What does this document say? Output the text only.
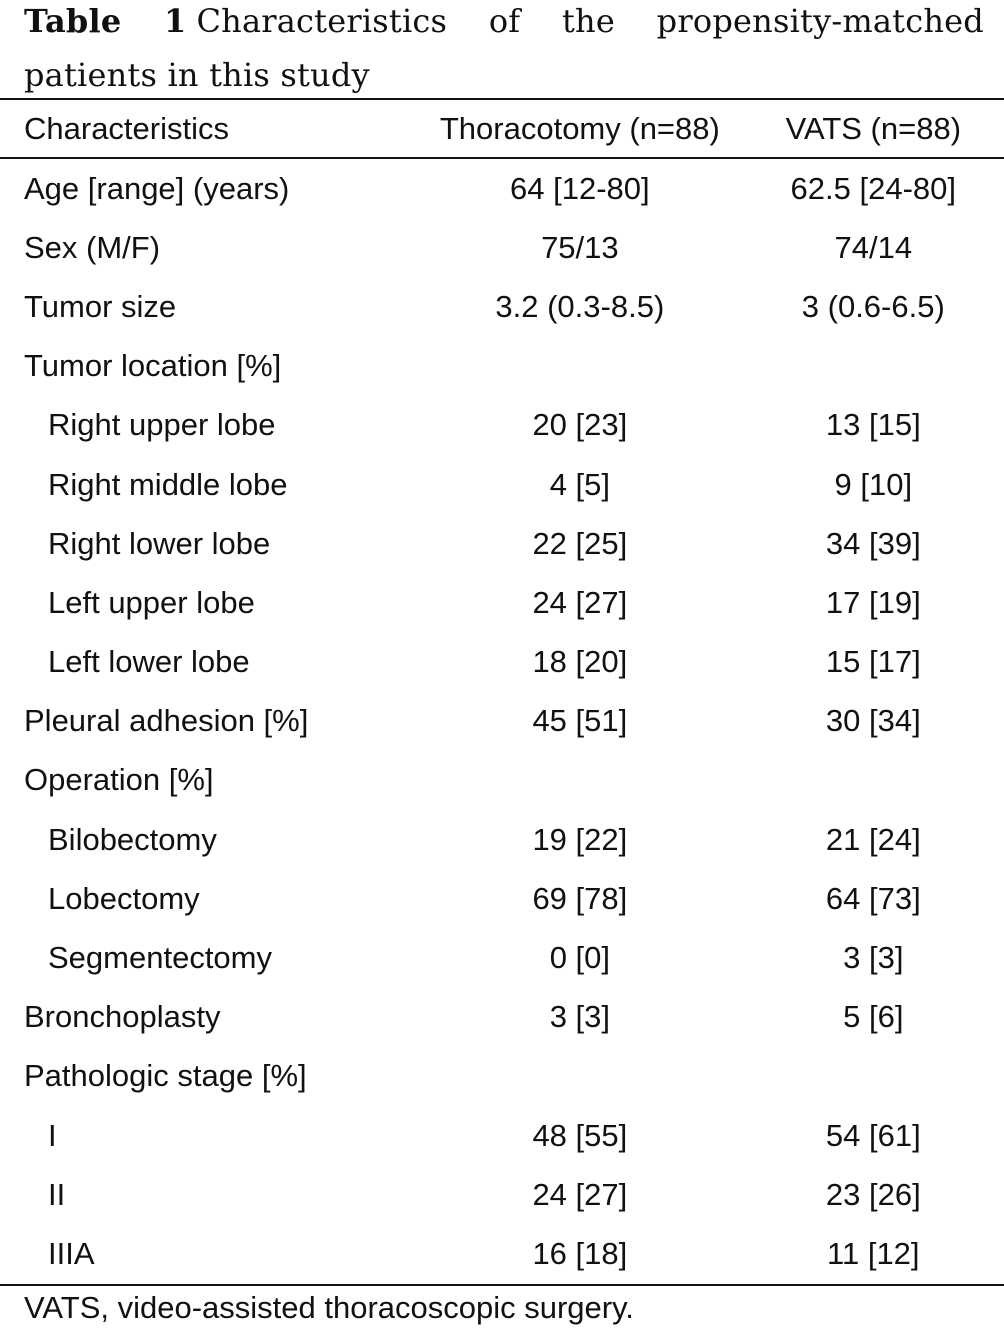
Table 1 Characteristics of the propensity-matched patients in this study
Characteristics	Thoracotomy (n=88)	VATS (n=88)
Age [range] (years)	64 [12-80]	62.5 [24-80]
Sex (M/F)	75/13	74/14
Tumor size	3.2 (0.3-8.5)	3 (0.6-6.5)
Tumor location [%]		
Right upper lobe	20 [23]	13 [15]
Right middle lobe	4 [5]	9 [10]
Right lower lobe	22 [25]	34 [39]
Left upper lobe	24 [27]	17 [19]
Left lower lobe	18 [20]	15 [17]
Pleural adhesion [%]	45 [51]	30 [34]
Operation [%]		
Bilobectomy	19 [22]	21 [24]
Lobectomy	69 [78]	64 [73]
Segmentectomy	0 [0]	3 [3]
Bronchoplasty	3 [3]	5 [6]
Pathologic stage [%]		
I	48 [55]	54 [61]
II	24 [27]	23 [26]
IIIA	16 [18]	11 [12]
VATS, video-assisted thoracoscopic surgery.
